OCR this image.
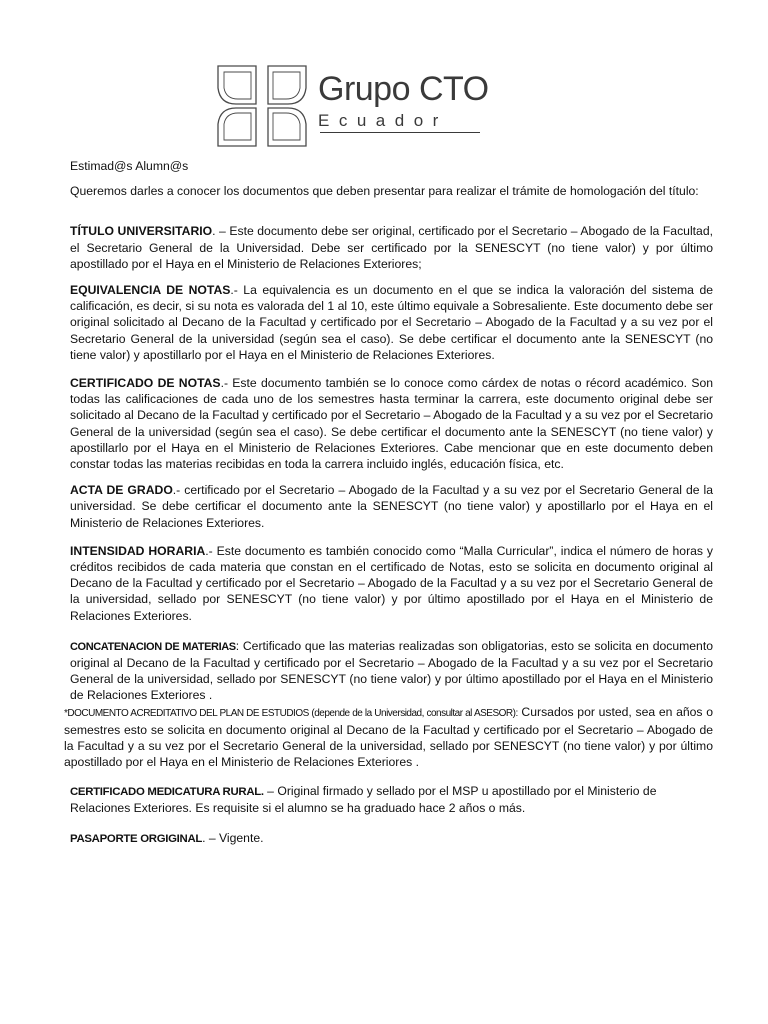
Grupo CTO
Ecuador

Estimad@s Alumn@s

Queremos darles a conocer los documentos que deben presentar para realizar el trámite de homologación del título:

TÍTULO UNIVERSITARIO. – Este documento debe ser original, certificado por el Secretario – Abogado de la Facultad, el Secretario General de la Universidad. Debe ser certificado por la SENESCYT (no tiene valor) y por último apostillado por el Haya en el Ministerio de Relaciones Exteriores;

EQUIVALENCIA DE NOTAS.- La equivalencia es un documento en el que se indica la valoración del sistema de calificación, es decir, si su nota es valorada del 1 al 10, este último equivale a Sobresaliente. Este documento debe ser original solicitado al Decano de la Facultad y certificado por el Secretario – Abogado de la Facultad y a su vez por el Secretario General de la universidad (según sea el caso). Se debe certificar el documento ante la SENESCYT (no tiene valor) y apostillarlo por el Haya en el Ministerio de Relaciones Exteriores.

CERTIFICADO DE NOTAS.- Este documento también se lo conoce como cárdex de notas o récord académico. Son todas las calificaciones de cada uno de los semestres hasta terminar la carrera, este documento original debe ser solicitado al Decano de la Facultad y certificado por el Secretario – Abogado de la Facultad y a su vez por el Secretario General de la universidad (según sea el caso). Se debe certificar el documento ante la SENESCYT (no tiene valor) y apostillarlo por el Haya en el Ministerio de Relaciones Exteriores. Cabe mencionar que en este documento deben constar todas las materias recibidas en toda la carrera incluido inglés, educación física, etc.

ACTA DE GRADO.- certificado por el Secretario – Abogado de la Facultad y a su vez por el Secretario General de la universidad. Se debe certificar el documento ante la SENESCYT (no tiene valor) y apostillarlo por el Haya en el Ministerio de Relaciones Exteriores.

INTENSIDAD HORARIA.- Este documento es también conocido como “Malla Curricular”, indica el número de horas y créditos recibidos de cada materia que constan en el certificado de Notas, esto se solicita en documento original al Decano de la Facultad y certificado por el Secretario – Abogado de la Facultad y a su vez por el Secretario General de la universidad, sellado por SENESCYT (no tiene valor) y por último apostillado por el Haya en el Ministerio de Relaciones Exteriores.

CONCATENACION DE MATERIAS: Certificado que las materias realizadas son obligatorias, esto se solicita en documento original al Decano de la Facultad y certificado por el Secretario – Abogado de la Facultad y a su vez por el Secretario General de la universidad, sellado por SENESCYT (no tiene valor) y por último apostillado por el Haya en el Ministerio de Relaciones Exteriores .

*DOCUMENTO ACREDITATIVO DEL PLAN DE ESTUDIOS (depende de la Universidad, consultar al ASESOR): Cursados por usted, sea en años o semestres esto se solicita en documento original al Decano de la Facultad y certificado por el Secretario – Abogado de la Facultad y a su vez por el Secretario General de la universidad, sellado por SENESCYT (no tiene valor) y por último apostillado por el Haya en el Ministerio de Relaciones Exteriores .

CERTIFICADO MEDICATURA RURAL. – Original firmado y sellado por el MSP u apostillado por el Ministerio de Relaciones Exteriores. Es requisite si el alumno se ha graduado hace 2 años o más.

PASAPORTE ORGIGINAL. – Vigente.
